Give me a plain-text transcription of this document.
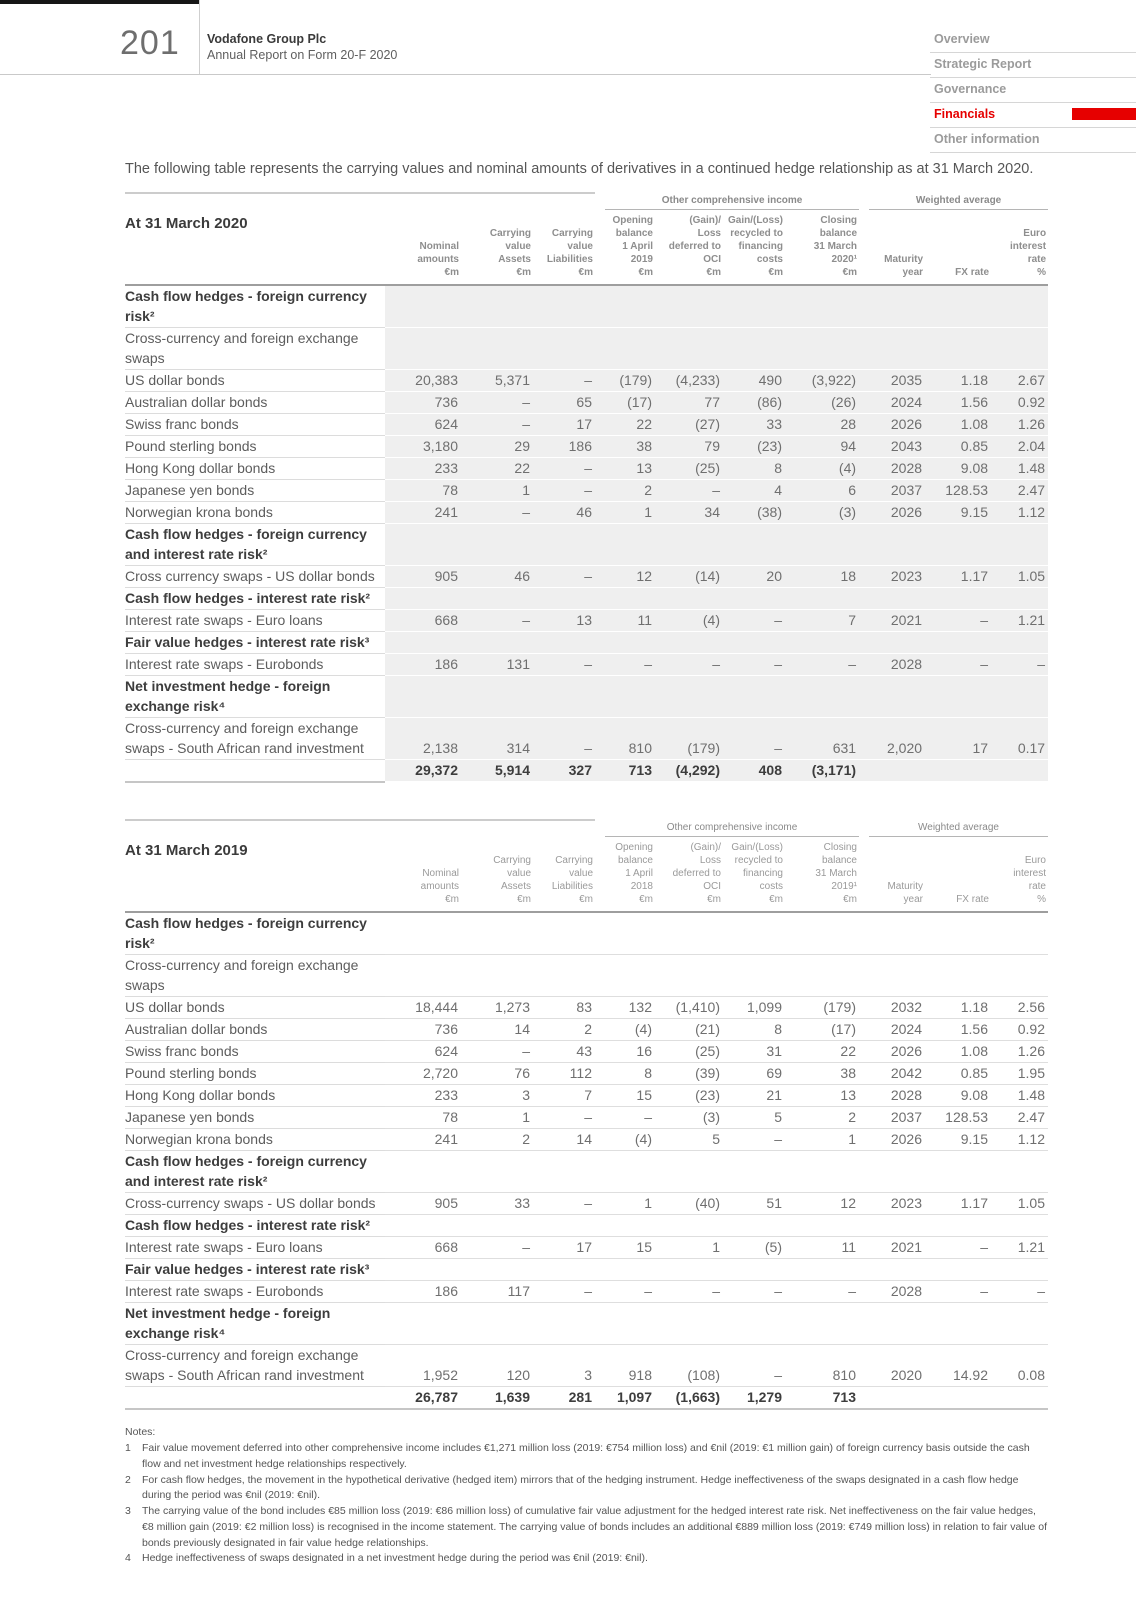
201 Vodafone Group Plc
Annual Report on Form 20-F 2020
Overview
Strategic Report
Governance
Financials
Other information

The following table represents the carrying values and nominal amounts of derivatives in a continued hedge relationship as at 31 March 2020.

				Other comprehensive income				Weighted average		

At 31 March 2020	Nominal
amounts
€m	Carrying
value
Assets
€m	Carrying
value
Liabilities
€m	Opening
balance
1 April
2019
€m	(Gain)/
Loss
deferred to
OCI
€m	Gain/(Loss)
recycled to
financing
costs
€m	Closing
balance
31 March
2020¹
€m	Maturity
year	FX rate	Euro
interest
rate
%
Cash flow hedges - foreign currency risk²										
Cross-currency and foreign exchange swaps										
US dollar bonds	20,383	5,371	–	(179)	(4,233)	490	(3,922)	2035	1.18	2.67
Australian dollar bonds	736	–	65	(17)	77	(86)	(26)	2024	1.56	0.92
Swiss franc bonds	624	–	17	22	(27)	33	28	2026	1.08	1.26
Pound sterling bonds	3,180	29	186	38	79	(23)	94	2043	0.85	2.04
Hong Kong dollar bonds	233	22	–	13	(25)	8	(4)	2028	9.08	1.48
Japanese yen bonds	78	1	–	2	–	4	6	2037	128.53	2.47
Norwegian krona bonds	241	–	46	1	34	(38)	(3)	2026	9.15	1.12
Cash flow hedges - foreign currency and interest rate risk²										
Cross currency swaps - US dollar bonds	905	46	–	12	(14)	20	18	2023	1.17	1.05
Cash flow hedges - interest rate risk²										
Interest rate swaps - Euro loans	668	–	13	11	(4)	–	7	2021	–	1.21
Fair value hedges - interest rate risk³										
Interest rate swaps - Eurobonds	186	131	–	–	–	–	–	2028	–	–
Net investment hedge - foreign exchange risk⁴										
Cross-currency and foreign exchange swaps - South African rand investment	2,138	314	–	810	(179)	–	631	2,020	17	0.17
	29,372	5,914	327	713	(4,292)	408	(3,171)			

				Other comprehensive income				Weighted average		

At 31 March 2019	Nominal
amounts
€m	Carrying
value
Assets
€m	Carrying
value
Liabilities
€m	Opening
balance
1 April
2018
€m	(Gain)/
Loss
deferred to
OCI
€m	Gain/(Loss)
recycled to
financing
costs
€m	Closing
balance
31 March
2019¹
€m	Maturity
year	FX rate	Euro
interest
rate
%
Cash flow hedges - foreign currency risk²										
Cross-currency and foreign exchange swaps										
US dollar bonds	18,444	1,273	83	132	(1,410)	1,099	(179)	2032	1.18	2.56
Australian dollar bonds	736	14	2	(4)	(21)	8	(17)	2024	1.56	0.92
Swiss franc bonds	624	–	43	16	(25)	31	22	2026	1.08	1.26
Pound sterling bonds	2,720	76	112	8	(39)	69	38	2042	0.85	1.95
Hong Kong dollar bonds	233	3	7	15	(23)	21	13	2028	9.08	1.48
Japanese yen bonds	78	1	–	–	(3)	5	2	2037	128.53	2.47
Norwegian krona bonds	241	2	14	(4)	5	–	1	2026	9.15	1.12
Cash flow hedges - foreign currency and interest rate risk²										
Cross-currency swaps - US dollar bonds	905	33	–	1	(40)	51	12	2023	1.17	1.05
Cash flow hedges - interest rate risk²										
Interest rate swaps - Euro loans	668	–	17	15	1	(5)	11	2021	–	1.21
Fair value hedges - interest rate risk³										
Interest rate swaps - Eurobonds	186	117	–	–	–	–	–	2028	–	–
Net investment hedge - foreign exchange risk⁴										
Cross-currency and foreign exchange swaps - South African rand investment	1,952	120	3	918	(108)	–	810	2020	14.92	0.08
	26,787	1,639	281	1,097	(1,663)	1,279	713			
Notes:
1	Fair value movement deferred into other comprehensive income includes €1,271 million loss (2019: €754 million loss) and €nil (2019: €1 million gain) of foreign currency basis outside the cash flow and net investment hedge relationships respectively.
2	For cash flow hedges, the movement in the hypothetical derivative (hedged item) mirrors that of the hedging instrument. Hedge ineffectiveness of the swaps designated in a cash flow hedge during the period was €nil (2019: €nil).
3	The carrying value of the bond includes €85 million loss (2019: €86 million loss) of cumulative fair value adjustment for the hedged interest rate risk. Net ineffectiveness on the fair value hedges, €8 million gain (2019: €2 million loss) is recognised in the income statement. The carrying value of bonds includes an additional €889 million loss (2019: €749 million loss) in relation to fair value of bonds previously designated in fair value hedge relationships.
4	Hedge ineffectiveness of swaps designated in a net investment hedge during the period was €nil (2019: €nil).
